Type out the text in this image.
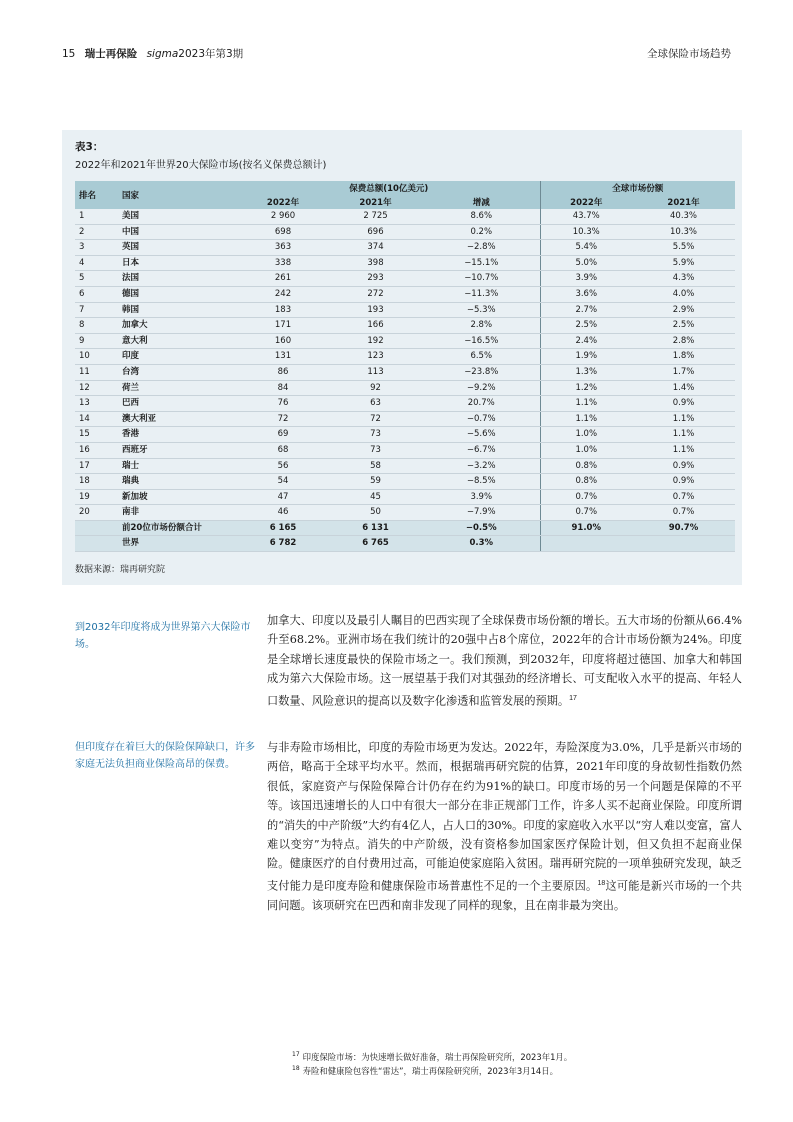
15 瑞士再保险 sigma2023年第3期	全球保险市场趋势
表3：
2022年和2021年世界20大保险市场(按名义保费总额计)
排名	国家	保费总额(10亿美元)			全球市场份额	
		2022年	2021年	增减	2022年	2021年
1	美国	2 960	2 725	8.6%	43.7%	40.3%
2	中国	698	696	0.2%	10.3%	10.3%
3	英国	363	374	−2.8%	5.4%	5.5%
4	日本	338	398	−15.1%	5.0%	5.9%
5	法国	261	293	−10.7%	3.9%	4.3%
6	德国	242	272	−11.3%	3.6%	4.0%
7	韩国	183	193	−5.3%	2.7%	2.9%
8	加拿大	171	166	2.8%	2.5%	2.5%
9	意大利	160	192	−16.5%	2.4%	2.8%
10	印度	131	123	6.5%	1.9%	1.8%
11	台湾	86	113	−23.8%	1.3%	1.7%
12	荷兰	84	92	−9.2%	1.2%	1.4%
13	巴西	76	63	20.7%	1.1%	0.9%
14	澳大利亚	72	72	−0.7%	1.1%	1.1%
15	香港	69	73	−5.6%	1.0%	1.1%
16	西班牙	68	73	−6.7%	1.0%	1.1%
17	瑞士	56	58	−3.2%	0.8%	0.9%
18	瑞典	54	59	−8.5%	0.8%	0.9%
19	新加坡	47	45	3.9%	0.7%	0.7%
20	南非	46	50	−7.9%	0.7%	0.7%
	前20位市场份额合计	6 165	6 131	−0.5%	91.0%	90.7%
	世界	6 782	6 765	0.3%		
数据来源：瑞再研究院
到2032年印度将成为世界第六大保险市场。
加拿大、印度以及最引人瞩目的巴西实现了全球保费市场份额的增长。五大市场的份额从66.4%升至68.2%。亚洲市场在我们统计的20强中占8个席位，2022年的合计市场份额为24%。印度是全球增长速度最快的保险市场之一。我们预测，到2032年，印度将超过德国、加拿大和韩国成为第六大保险市场。这一展望基于我们对其强劲的经济增长、可支配收入水平的提高、年轻人口数量、风险意识的提高以及数字化渗透和监管发展的预期。$^{17}$
但印度存在着巨大的保险保障缺口，许多家庭无法负担商业保险高昂的保费。
与非寿险市场相比，印度的寿险市场更为发达。2022年，寿险深度为3.0%，几乎是新兴市场的两倍，略高于全球平均水平。然而，根据瑞再研究院的估算，2021年印度的身故韧性指数仍然很低，家庭资产与保险保障合计仍存在约为91%的缺口。印度市场的另一个问题是保障的不平等。该国迅速增长的人口中有很大一部分在非正规部门工作，许多人买不起商业保险。印度所谓的“消失的中产阶级”大约有4亿人，占人口的30%。印度的家庭收入水平以“穷人难以变富，富人难以变穷”为特点。消失的中产阶级，没有资格参加国家医疗保险计划，但又负担不起商业保险。健康医疗的自付费用过高，可能迫使家庭陷入贫困。瑞再研究院的一项单独研究发现，缺乏支付能力是印度寿险和健康保险市场普惠性不足的一个主要原因。$^{18}$这可能是新兴市场的一个共同问题。该项研究在巴西和南非发现了同样的现象，且在南非最为突出。
$^{17}$ 印度保险市场：为快速增长做好准备，瑞士再保险研究所，2023年1月。
$^{18}$ 寿险和健康险包容性“雷达”，瑞士再保险研究所，2023年3月14日。
